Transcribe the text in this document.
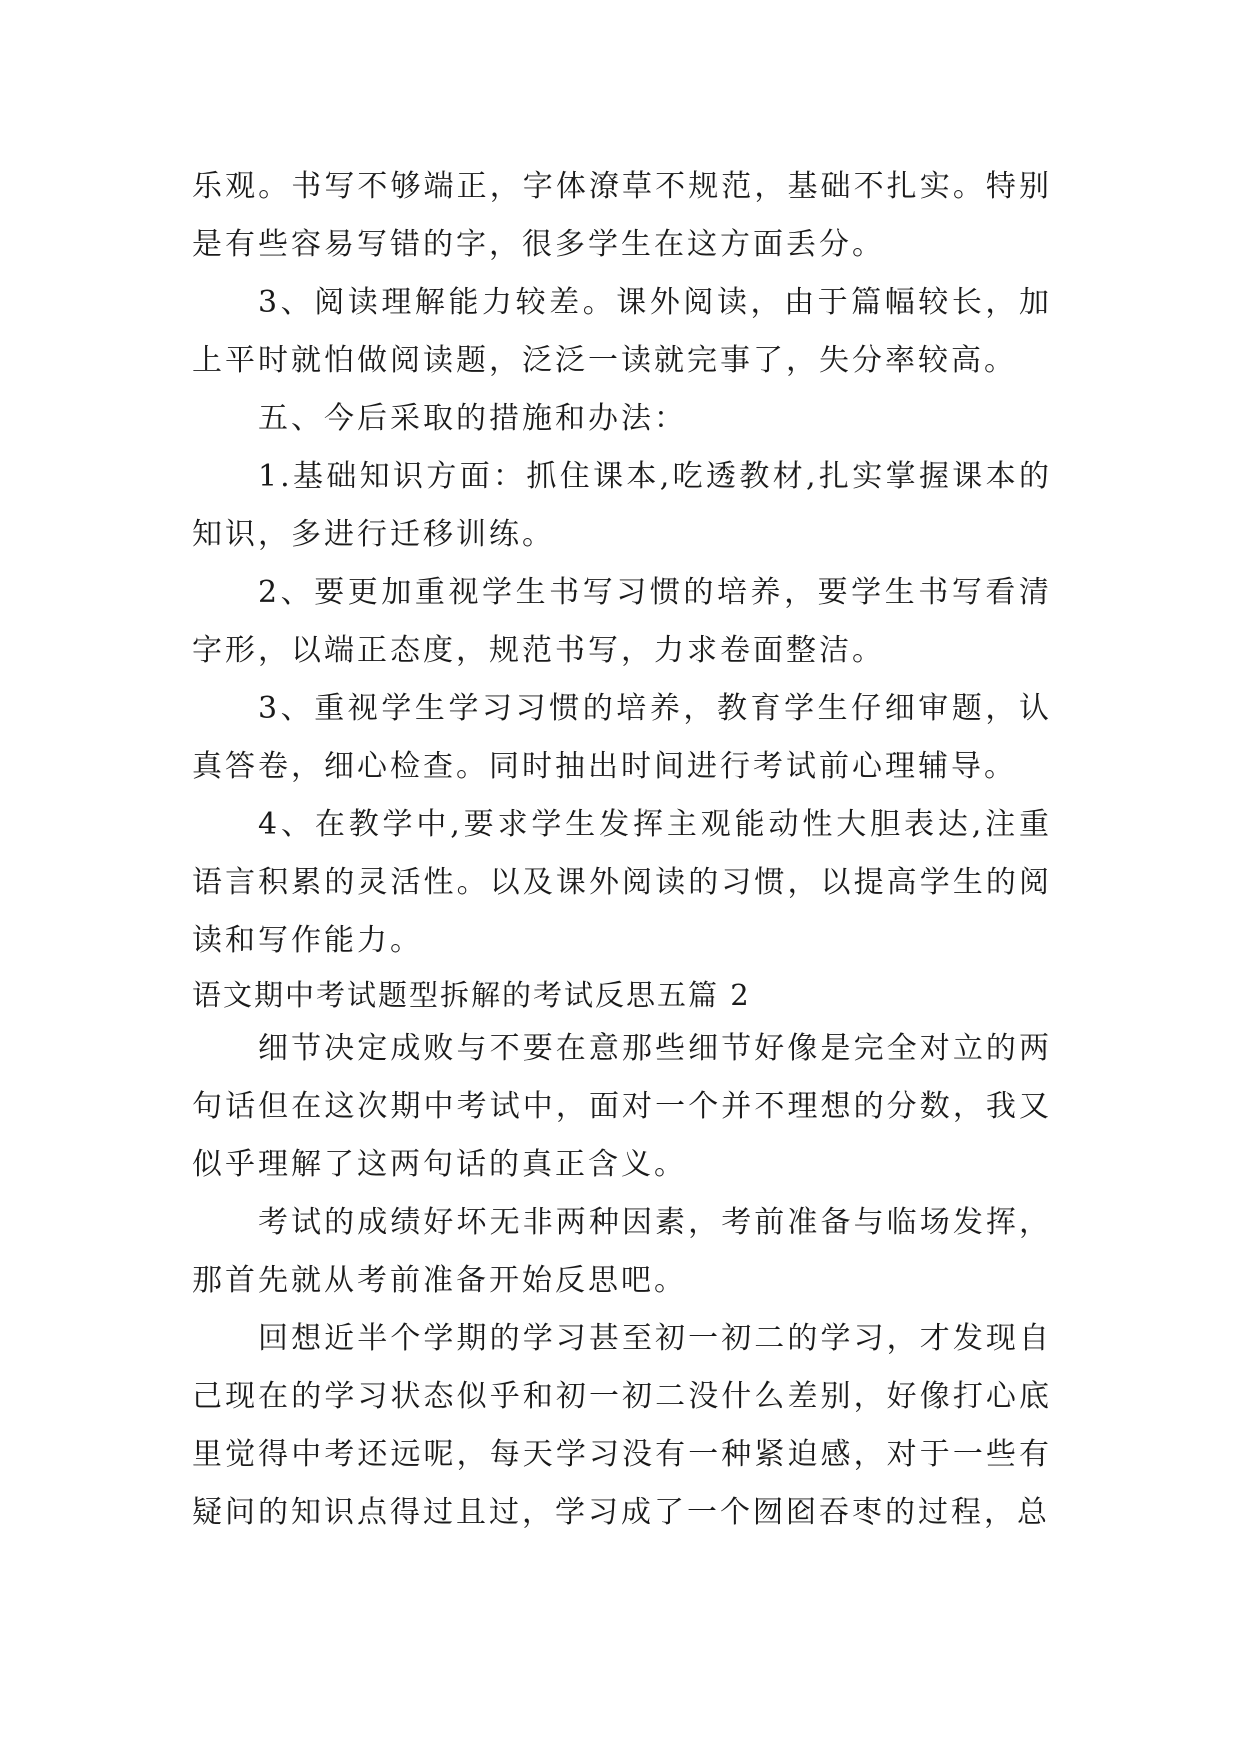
乐观。书写不够端正，字体潦草不规范，基础不扎实。特别是有些容易写错的字，很多学生在这方面丢分。

3、阅读理解能力较差。课外阅读，由于篇幅较长，加上平时就怕做阅读题，泛泛一读就完事了，失分率较高。

五、今后采取的措施和办法：

1.基础知识方面：抓住课本,吃透教材,扎实掌握课本的知识，多进行迁移训练。

2、要更加重视学生书写习惯的培养，要学生书写看清字形，以端正态度，规范书写，力求卷面整洁。

3、重视学生学习习惯的培养，教育学生仔细审题，认真答卷，细心检查。同时抽出时间进行考试前心理辅导。

4、在教学中,要求学生发挥主观能动性大胆表达,注重语言积累的灵活性。以及课外阅读的习惯，以提高学生的阅读和写作能力。

语文期中考试题型拆解的考试反思五篇 2

细节决定成败与不要在意那些细节好像是完全对立的两句话但在这次期中考试中，面对一个并不理想的分数，我又似乎理解了这两句话的真正含义。

考试的成绩好坏无非两种因素，考前准备与临场发挥，那首先就从考前准备开始反思吧。

回想近半个学期的学习甚至初一初二的学习，才发现自己现在的学习状态似乎和初一初二没什么差别，好像打心底里觉得中考还远呢，每天学习没有一种紧迫感，对于一些有疑问的知识点得过且过，学习成了一个囫囵吞枣的过程，总
